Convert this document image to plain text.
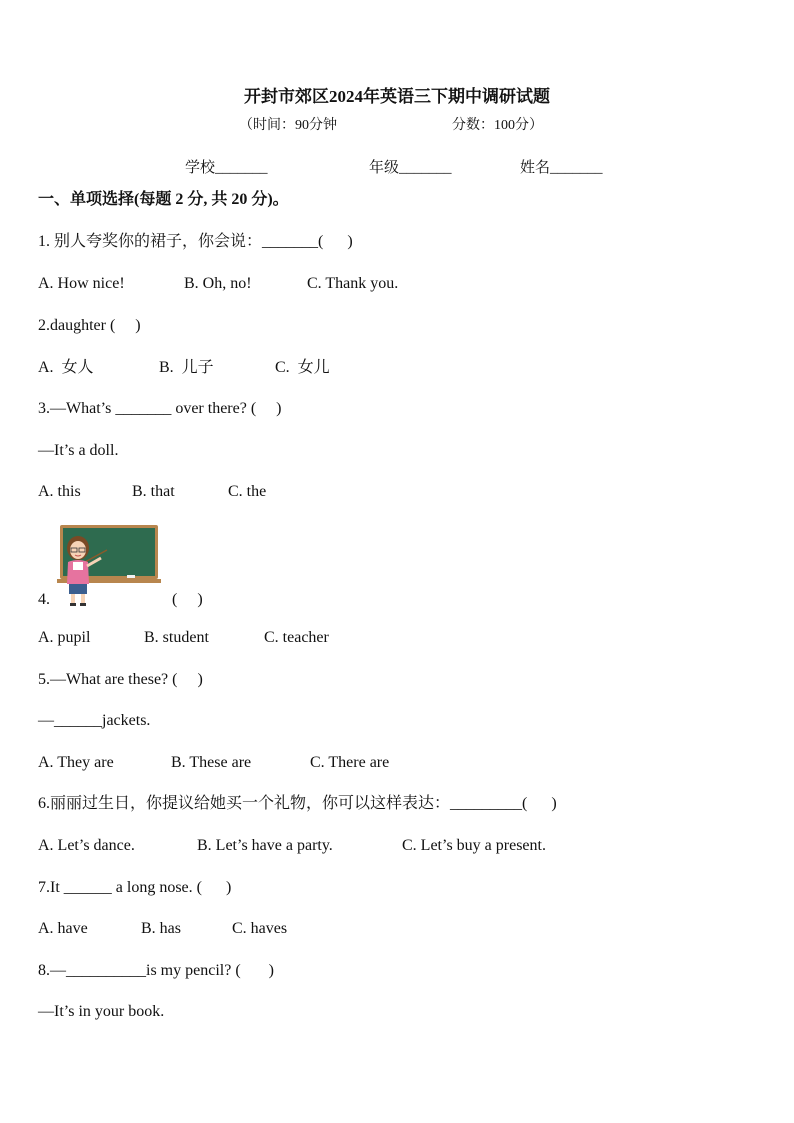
开封市郊区2024年英语三下期中调研试题
（时间：90分钟	分数：100分）
学校_______	年级_______	姓名_______
一、单项选择(每题 2 分, 共 20 分)。
1. 别人夸奖你的裙子，你会说：_______(      )
A. How nice!	B. Oh, no!	C. Thank you.
2.daughter (     )
A.  女人	B.  儿子	C.  女儿
3.—What’s _______ over there? (     )
—It’s a doll.
A. this	B. that	C. the
4.	(     )
A. pupil	B. student	C. teacher
5.—What are these? (     )
—______jackets.
A. They are	B. These are	C. There are
6.丽丽过生日，你提议给她买一个礼物，你可以这样表达：_________(      )
A. Let’s dance.	B. Let’s have a party.	C. Let’s buy a present.
7.It ______ a long nose. (      )
A. have	B. has	C. haves
8.—__________is my pencil? (       )
—It’s in your book.
